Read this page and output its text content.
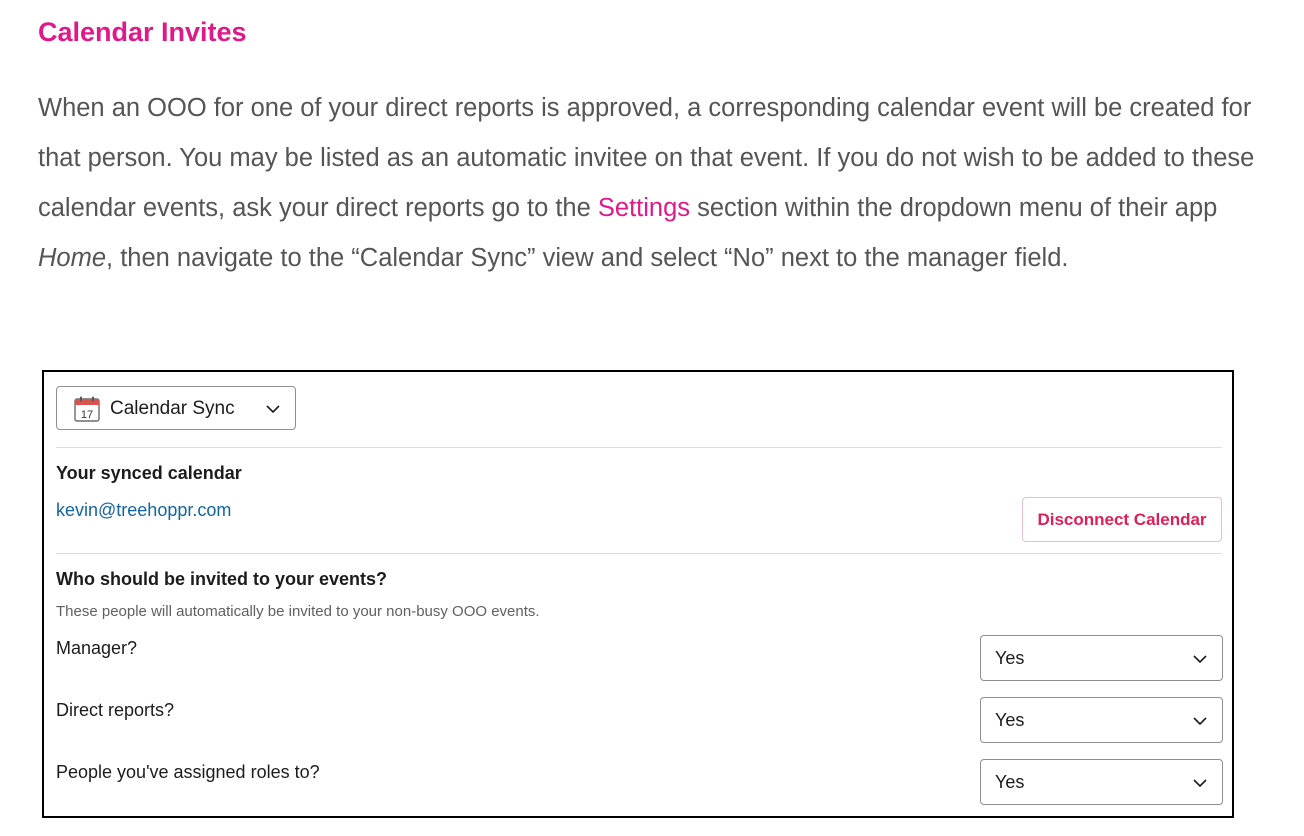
Calendar Invites

When an OOO for one of your direct reports is approved, a corresponding calendar event will be created for that person. You may be listed as an automatic invitee on that event. If you do not wish to be added to these calendar events, ask your direct reports go to the Settings section within the dropdown menu of their app Home, then navigate to the “Calendar Sync” view and select “No” next to the manager field.

17 Calendar Sync
Your synced calendar
kevin@treehoppr.com	Disconnect Calendar
Who should be invited to your events?
These people will automatically be invited to your non-busy OOO events.
Manager?	Yes
Direct reports?	Yes
People you've assigned roles to?	Yes
